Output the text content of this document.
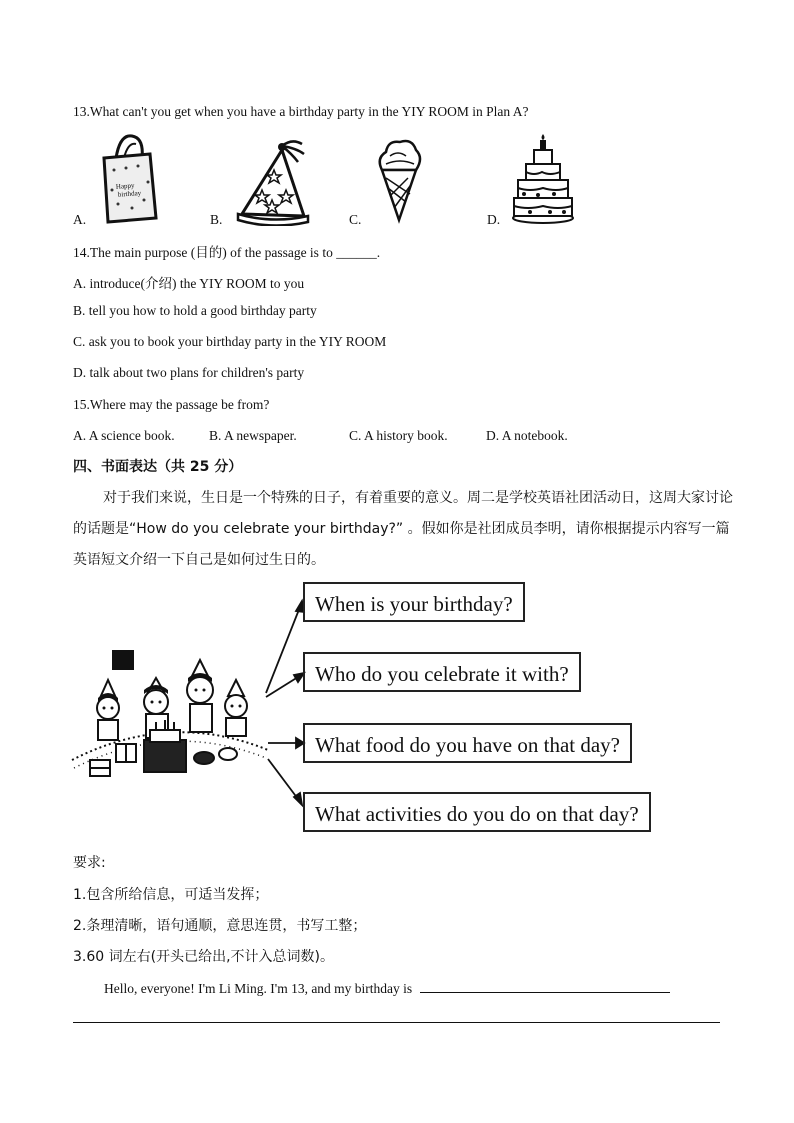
13.What can't you get when you have a birthday party in the YIY ROOM in Plan A?
Happy
birthday
A.	B.	C.	D.
14.The main purpose (目的) of the passage is to ______.
A. introduce(介绍) the YIY ROOM to you
B. tell you how to hold a good birthday party
C. ask you to book your birthday party in the YIY ROOM
D. talk about two plans for children's party
15.Where may the passage be from?
A. A science book.	B. A newspaper.	C. A history book.	D. A notebook.
四、书面表达（共 25 分）
对于我们来说，生日是一个特殊的日子，有着重要的意义。周二是学校英语社团活动日，这周大家讨论的话题是“How do you celebrate your birthday?” 。假如你是社团成员李明，请你根据提示内容写一篇英语短文介绍一下自己是如何过生日的。
When is your birthday?
Who do you celebrate it with?
What food do you have on that day?
What activities do you do on that day?
要求:
1.包含所给信息，可适当发挥；
2.条理清晰，语句通顺，意思连贯，书写工整；
3.60 词左右(开头已给出,不计入总词数)。
Hello, everyone! I'm Li Ming. I'm 13, and my birthday is
